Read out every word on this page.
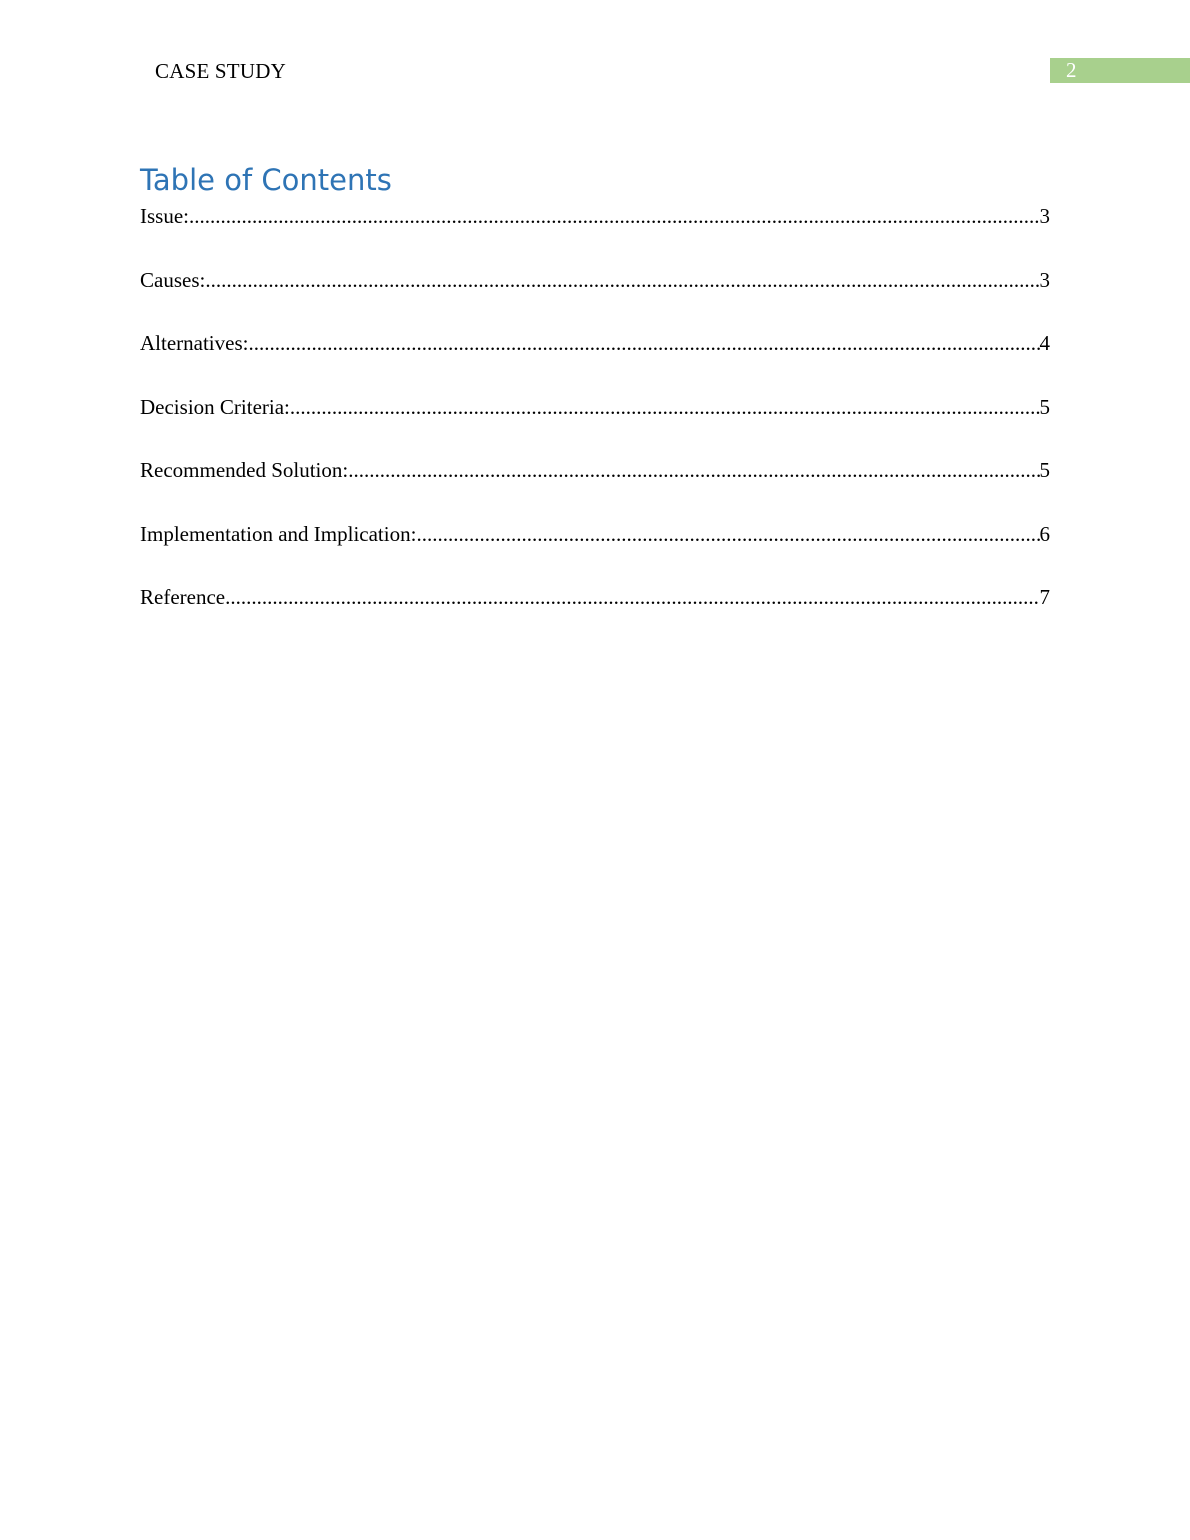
CASE STUDY	2
Table of Contents
Issue: .....	3
Causes: .....	3
Alternatives: .....	4
Decision Criteria: .....	5
Recommended Solution: .....	5
Implementation and Implication: .....	6
Reference .....	7
